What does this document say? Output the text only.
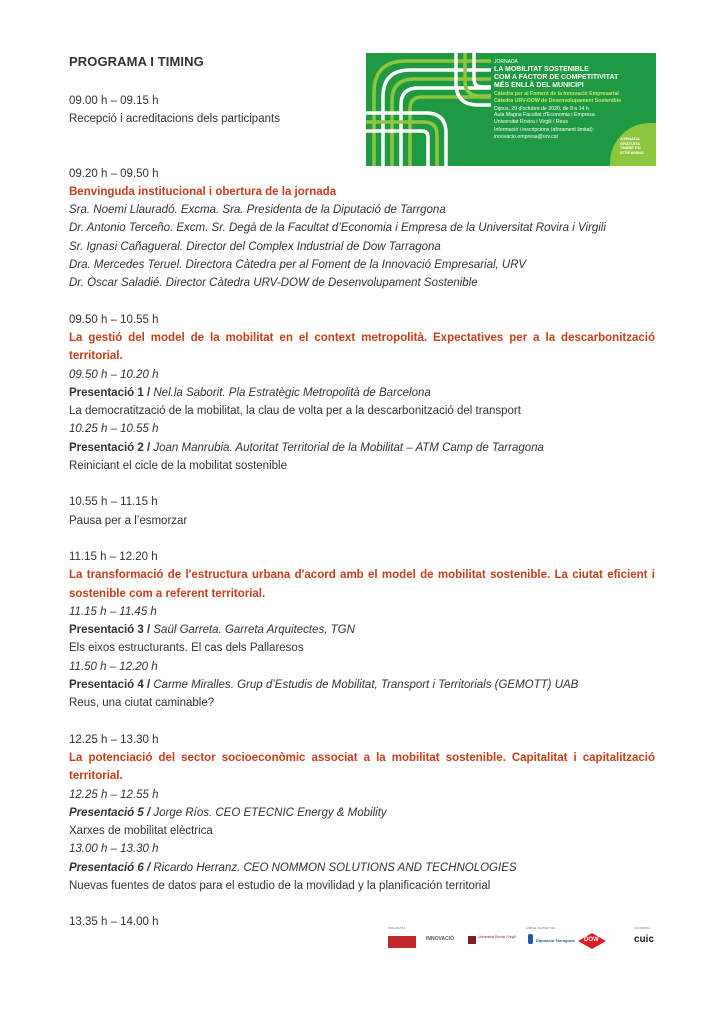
PROGRAMA I TIMING	JORNADA
LA MOBILITAT SOSTENIBLE
COM A FACTOR DE COMPETITIVITAT
MÉS ENLLÀ DEL MUNICIPI
Càtedra per al Foment de la Innovació Empresarial
Càtedra URV-DOW de Desenvolupament Sostenible
Dijous, 29 d'octubre de 2020, de 9 a 14 h
Aula Magna Facultat d'Economia i Empresa
Universitat Rovira i Virgili / Reus
Informació i inscripcions (aforament limitat):
innovacio.empresa@urv.cat	JORNADA
GRATUÏTA
TAMBÉ EN
STREAMING
09.00 h – 09.15 h
Recepció i acreditacions dels participants
09.20 h – 09.50 h
Benvinguda institucional i obertura de la jornada
Sra. Noemi Llauradó. Excma. Sra. Presidenta de la Diputació de Tarrgona
Dr. Antonio Terceño. Excm. Sr. Degà de la Facultat d’Economia i Empresa de la Universitat Rovira i Virgili
Sr. Ignasi Cañagueral. Director del Complex Industrial de Dow Tarragona
Dra. Mercedes Teruel. Directora Càtedra per al Foment de la Innovació Empresarial, URV
Dr. Òscar Saladié. Director Càtedra URV-DOW de Desenvolupament Sostenible
09.50 h – 10.55 h
La gestió del model de la mobilitat en el context metropolità. Expectatives per a la descarbonització territorial.
09.50 h – 10.20 h
Presentació 1 / Nel.la Saborit. Pla Estratègic Metropolità de Barcelona
La democratització de la mobilitat, la clau de volta per a la descarbonització del transport
10.25 h – 10.55 h
Presentació 2 / Joan Manrubia. Autoritat Territorial de la Mobilitat – ATM Camp de Tarragona
Reiniciant el cicle de la mobilitat sostenible
10.55 h – 11.15 h
Pausa per a l’esmorzar
11.15 h – 12.20 h
La transformació de l'estructura urbana d'acord amb el model de mobilitat sostenible. La ciutat eficient i sostenible com a referent territorial.
11.15 h – 11.45 h
Presentació 3 / Saül Garreta. Garreta Arquitectes, TGN
Els eixos estructurants. El cas dels Pallaresos
11.50 h – 12.20 h
Presentació 4 / Carme Miralles. Grup d’Estudis de Mobilitat, Transport i Territorials (GEMOTT) UAB
Reus, una ciutat caminable?
12.25 h – 13.30 h
La potenciació del sector socioeconòmic associat a la mobilitat sostenible. Capitalitat i capitalització territorial.
12.25 h – 12.55 h
Presentació 5 / Jorge Ríos. CEO ETECNIC Energy & Mobility
Xarxes de mobilitat elèctrica
13.00 h – 13.30 h
Presentació 6 / Ricardo Herranz. CEO NOMMON SOLUTIONS AND TECHNOLOGIES
Nuevas fuentes de datos para el estudio de la movilidad y la planificación territorial
13.35 h – 14.00 h	ORGANITZA	AMB EL SUPORT DE	COORDINA
INNOVACIÓ	Universitat Rovira i Virgili
Diputació Tarragona DOW	cuic
